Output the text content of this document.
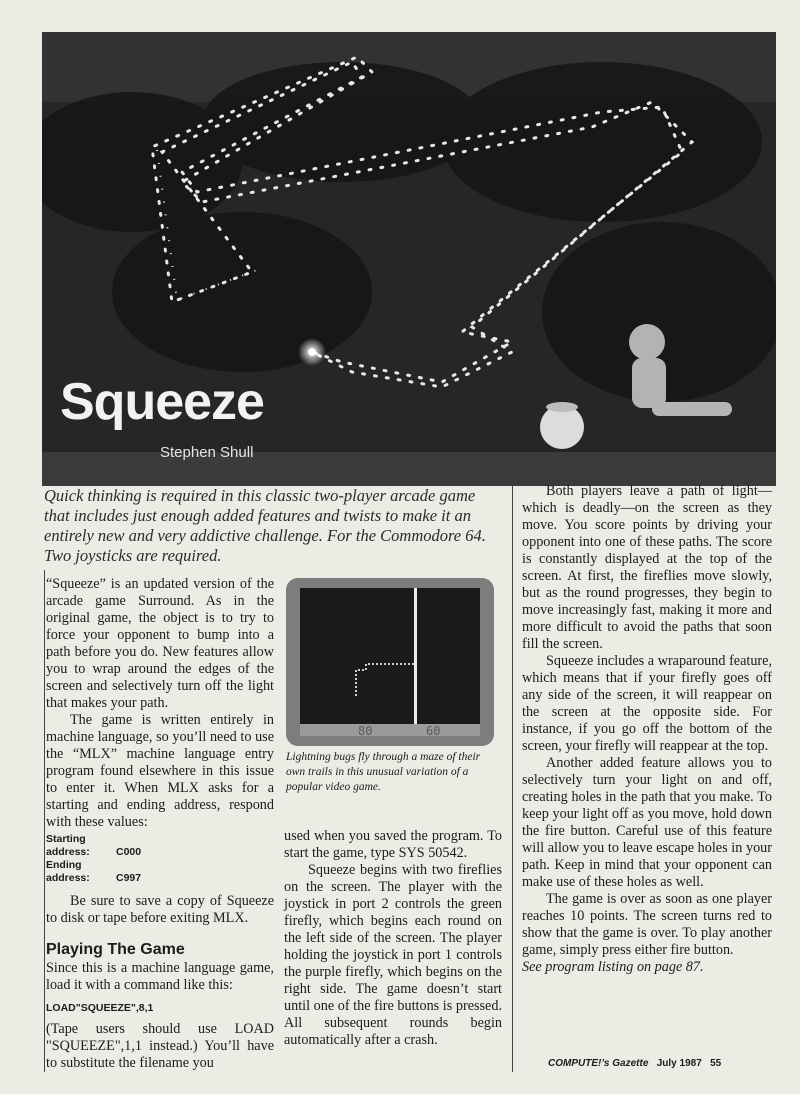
Squeeze
Stephen Shull
Quick thinking is required in this classic two-player arcade game that includes just enough added features and twists to make it an entirely new and very addictive challenge. For the Commodore 64. Two joysticks are required.

“Squeeze” is an updated version of the arcade game Surround. As in the original game, the object is to try to force your opponent to bump into a path before you do. New features allow you to wrap around the edges of the screen and selectively turn off the light that makes your path.

The game is written entirely in machine language, so you’ll need to use the “MLX” machine language entry program found elsewhere in this issue to enter it. When MLX asks for a starting and ending address, respond with these values:

Starting address: C000
Ending address: C997

Be sure to save a copy of Squeeze to disk or tape before exiting MLX.

Playing The Game

Since this is a machine language game, load it with a command like this:

LOAD"SQUEEZE",8,1

(Tape users should use LOAD "SQUEEZE",1,1 instead.) You’ll have to substitute the filename you

80	60
Lightning bugs fly through a maze of their own trails in this unusual variation of a popular video game.

used when you saved the program. To start the game, type SYS 50542.

Squeeze begins with two fireflies on the screen. The player with the joystick in port 2 controls the green firefly, which begins each round on the left side of the screen. The player holding the joystick in port 1 controls the purple firefly, which begins on the right side. The game doesn’t start until one of the fire buttons is pressed. All subsequent rounds begin automatically after a crash.

Both players leave a path of light—which is deadly—on the screen as they move. You score points by driving your opponent into one of these paths. The score is constantly displayed at the top of the screen. At first, the fireflies move slowly, but as the round progresses, they begin to move increasingly fast, making it more and more difficult to avoid the paths that soon fill the screen.

Squeeze includes a wraparound feature, which means that if your firefly goes off any side of the screen, it will reappear on the screen at the opposite side. For instance, if you go off the bottom of the screen, your firefly will reappear at the top.

Another added feature allows you to selectively turn your light on and off, creating holes in the path that you make. To keep your light off as you move, hold down the fire button. Careful use of this feature will allow you to leave escape holes in your path. Keep in mind that your opponent can make use of these holes as well.

The game is over as soon as one player reaches 10 points. The screen turns red to show that the game is over. To play another game, simply press either fire button.

See program listing on page 87.

COMPUTE!’s Gazette July 1987 55
